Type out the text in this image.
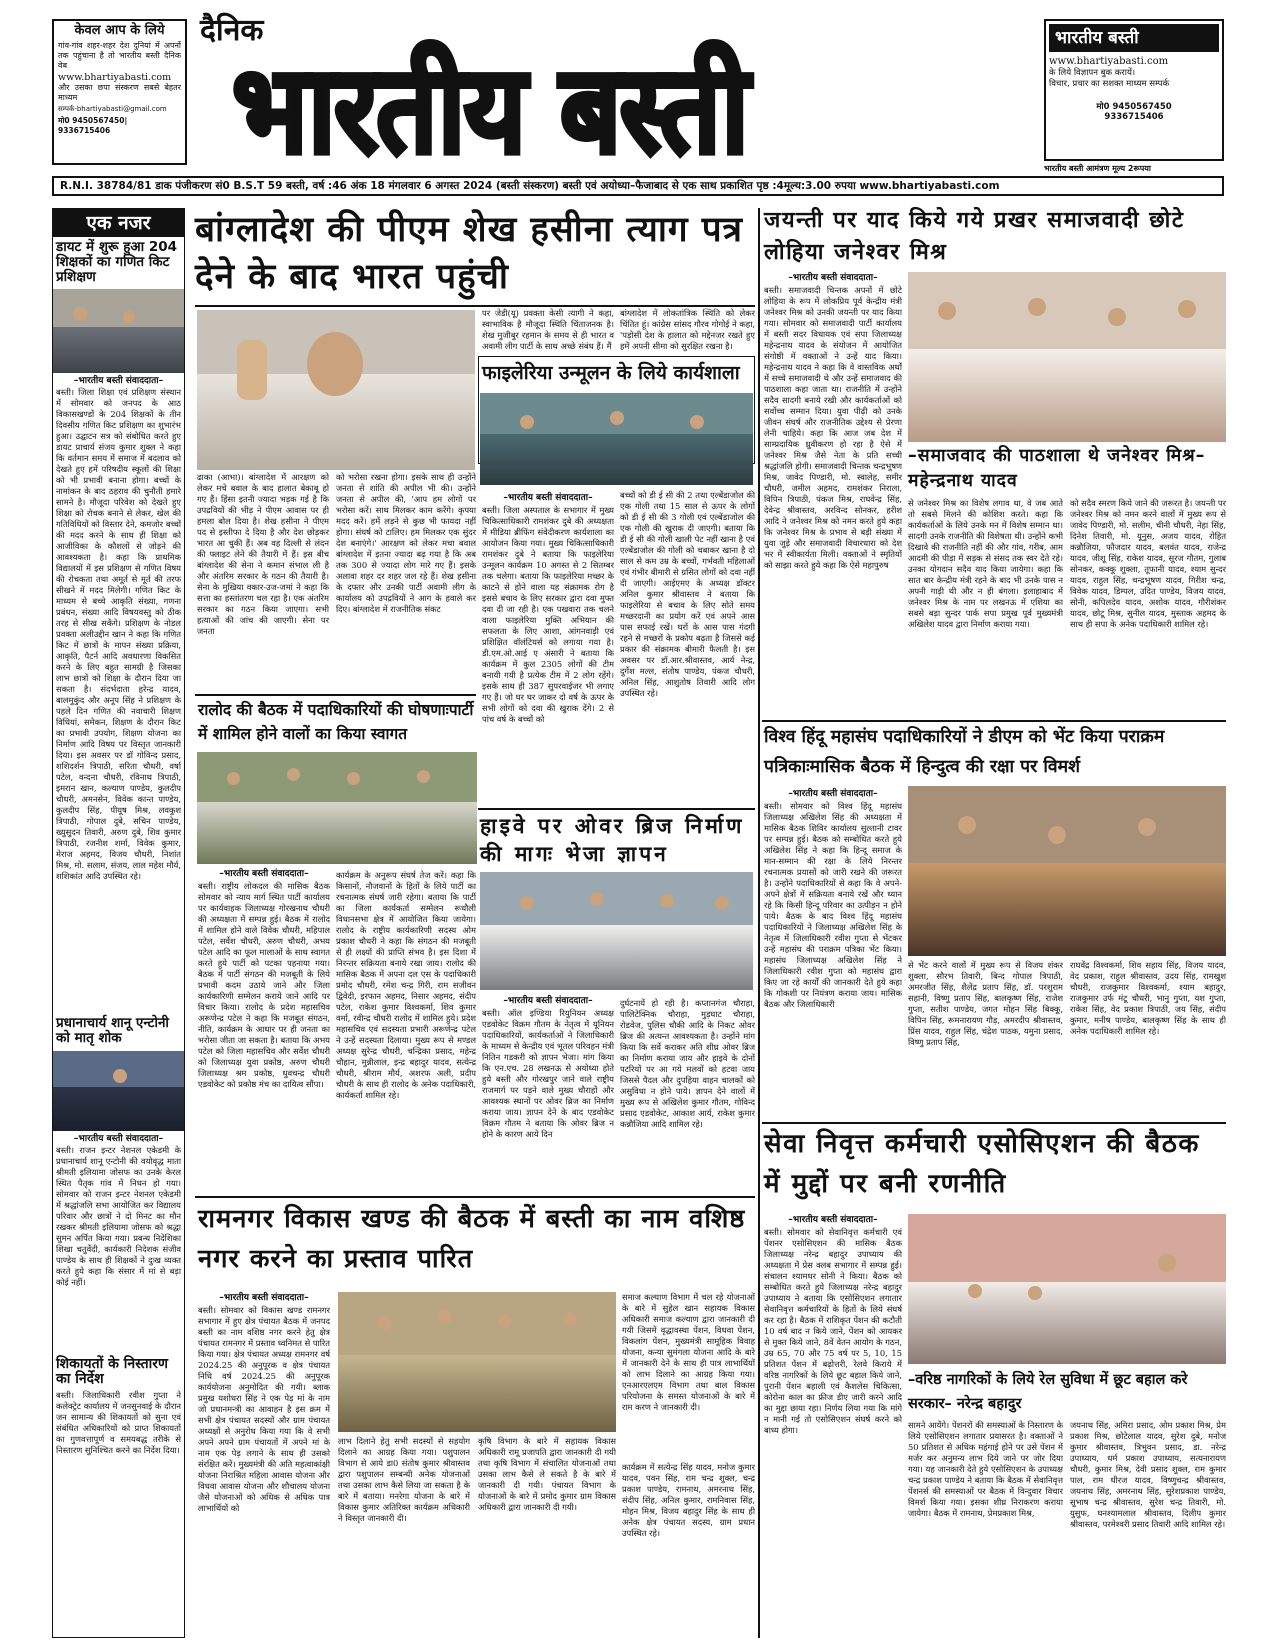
केवल आप के लिये
गांव-गांव शहर-शहर देश दुनियां में अपनों तक पहुंचाना है तो भारतीय बस्ती दैनिक वेब
www.bhartiyabasti.com
और उसका छपा संस्करण सबसे बेहतर माध्यम
सम्पर्क-bhartiyabasti@gmail.com
मो0 9450567450| 9336715406
दैनिक
भारतीय बस्ती
भारतीय बस्ती
www.bhartiyabasti.com
के लिये विज्ञापन बुक करायें।
विचार, प्रचार का सशक्त माध्यम सम्पर्क
मो0 9450567450
9336715406
भारतीय बस्ती आमंत्रण मूल्य 2रूपया
R.N.I. 38784/81 डाक पंजीकरण सं0 B.S.T 59 बस्ती, वर्ष :46 अंक 18 मंगलवार 6 अगस्त 2024 (बस्ती संस्करण) बस्ती एवं अयोध्या–फैजाबाद से एक साथ प्रकाशित पृष्ठ :4मूल्य:3.00 रुपया www.bhartiyabasti.com
एक नजर
डायट में शुरू हुआ 204 शिक्षकों का गणित किट प्रशिक्षण
–भारतीय बस्ती संवाददाता–
बस्ती। जिला शिक्षा एवं प्रशिक्षण संस्थान में सोमवार को जनपद के आठ विकासखण्डों के 204 शिक्षकों के तीन दिवसीय गणित किट प्रशिक्षण का शुभारंभ हुआ। उद्घाटन सत्र को संबोधित करते हुए डायट प्राचार्य संजय कुमार शुक्ल ने कहा कि वर्तमान समय में समाज में बदलाव को देखते हुए हमें परिषदीय स्कूलों की शिक्षा को भी प्रभावी बनाना होगा। बच्चों के नामांकन के बाद ठहराव की चुनौती हमारे सामने है। मौजूदा परिवेश को देखते हुए शिक्षा को रोचक बनाने से लेकर, खेल की गतिविधियों को विस्तार देने, कमजोर बच्चों की मदद करने के साथ ही शिक्षा को आजीविका के कौशलों से जोड़ने की आवश्यकता है। कहा कि प्राथमिक विद्यालयों में इस प्रशिक्षण से गणित विषय की रोचकता तथा अमूर्त से मूर्त की तरफ सीखने में मदद मिलेगी। गणित किट के माध्यम से बच्चे आकृति संख्या, गणना प्रबंधन, संख्या आदि विषयवस्तु को ठीक तरह से सीख सकेंगे। प्रशिक्षण के नोडल प्रवक्ता अलीउद्दीन खान ने कहा कि गणित किट में छात्रों के मापन संख्या प्रक्रिया, आकृति, पैटर्न आदि अवधारणा विकसित करने के लिए बहुत सामग्री है जिसका लाभ छात्रों को शिक्षा के दौरान दिया जा सकता है। संदर्भदाता हरेन्द्र यादव, बालमुकुंद और अनूप सिंह ने प्रशिक्षण के पहले दिन गणित की नवाचारी शिक्षण विधियां, समेकन, शिक्षण के दौरान किट का प्रभावी उपयोग, शिक्षण योजना का निर्माण आदि विषय पर विस्तृत जानकारी दिया। इस अवसर पर डॉ गोविन्द प्रसाद, शशिदर्शन त्रिपाठी, सरिता चौधरी, वर्षा पटेल, वन्दना चौधरी, रविनाथ त्रिपाठी, इमरान खान, कल्याण पाण्डेय, कुलदीप चौधरी, अमनसेन, विवेक कान्त पाण्डेय, कुलदीप सिंह, पीयूष मिश्र, लवकुश त्रिपाठी, गोपाल दुबे, सचिन पाण्डेय, ख्युसुदन तिवारी, अरुण दुबे, शिव कुमार त्रिपाठी, रजनीश शर्मा, विवेक कुमार, मेराज अहमद, विजय चौधरी, निशांत मिश्र, मो. सलाम, संजय, लाल महेश मौर्य, शशिकांत आदि उपस्थित रहे।
प्रधानाचार्य शानू एन्टोनी को मातृ शोक
–भारतीय बस्ती संवाददाता–
बस्ती। राजन इन्टर नेशनल एकेडमी के प्रधानाचार्य शानू एन्टोनी की वयोवृद्ध माता श्रीमती इलियामा जोसफ का उनके केरल स्थित पैतृक गांव में निधन हो गया। सोमवार को राजन इन्टर नेशनल एकेडमी में श्रद्धांजलि सभा आयोजित कर विद्यालय परिवार और छात्रों ने दो मिनट का मौन रखकर श्रीमती इलियामा जोसफ को श्रद्धा सुमन अर्पित किया गया। प्रबन्ध निदेशिका शिखा चतुर्वेदी, कार्यकारी निदेशक संजीव पाण्डेय के साथ ही शिक्षकों ने दुःख व्यक्त करते हुये कहा कि संसार में मां से बड़ा कोई नहीं।
शिकायतों के निस्तारण का निर्देश
बस्ती। जिलाधिकारी रवीश गुप्ता ने कलेक्ट्रेट कार्यालय में जनसुनवाई के दौरान जन सामान्य की शिकायतों को सुना एवं संबंधित अधिकारियों को प्राप्त शिकायतों का गुणवत्तापूर्ण व समयबद्ध तरीके से निस्तारण सुनिश्चित करने का निर्देश दिया।
बांग्लादेश की पीएम शेख हसीना त्याग पत्र देने के बाद भारत पहुंची
ढाका (आभा)। बांग्लादेश में आरक्षण को लेकर मचे बवाल के बाद हालात बेकाबू हो गए हैं। हिंसा इतनी ज्यादा भड़क गई है कि उपद्रवियों की भीड़ ने पीएम आवास पर ही हमला बोल दिया है। शेख हसीना ने पीएम पद से इस्तीफा दे दिया है और देश छोड़कर भारत आ चुकी हैं। अब वह दिल्ली से लंदन की फ्लाइट लेने की तैयारी में हैं। इस बीच बांग्लादेश की सेना ने कमान संभाल ली है और अंतरिम सरकार के गठन की तैयारी है। सेना के मुखिया वकार-उज-जमां ने कहा कि सत्ता का हस्तांतरण चल रहा है। एक अंतरिम सरकार का गठन किया जाएगा। सभी हत्याओं की जांच की जाएगी। सेना पर जनता
को भरोसा रखना होगा। इसके साथ ही उन्होंने जनता से शांति की अपील भी की। उन्होंने जनता से अपील की, 'आप हम लोगों पर भरोसा करें। साथ मिलकर काम करेंगे। कृपया मदद करें। हमें लड़ने से कुछ भी फायदा नहीं होगा। संघर्ष को टालिए। हम मिलकर एक सुंदर देश बनाएंगे।' आरक्षण को लेकर मचा बवाल बांग्लादेश में इतना ज्यादा बढ़ गया है कि अब तक 300 से ज्यादा लोग मारे गए हैं। इसके अलावा शहर दर शहर जल रहे हैं। शेख हसीना के दफ्तर और उनकी पार्टी अवामी लीग के कार्यालय को उपद्रवियों ने आग के हवाले कर दिए। बांग्लादेश में राजनीतिक संकट
पर जेडी(यू) प्रवक्ता केसी त्यागी ने कहा, स्वाभाविक है मौजूदा स्थिति चिंताजनक है। शेख मुजीबुर रहमान के समय से ही भारत व अवामी लीग पार्टी के साथ अच्छे संबंध हैं। मैं
बांग्लादेश में लोकतांत्रिक स्थिति को लेकर चिंतित हूं। कांग्रेस सांसद गौरव गोगोई ने कहा, 'पड़ोसी देश के हालात को मद्देनजर रखते हुए हमें अपनी सीमा को सुरक्षित रखना है।
फाइलेरिया उन्मूलन के लिये कार्यशाला
–भारतीय बस्ती संवाददाता–
बस्ती। जिला अस्पताल के सभागार में मुख्य चिकित्साधिकारी रामशंकर दुबे की अध्यक्षता में मीडिया ब्रीफिंग संवेदीकरण कार्यशाला का आयोजन किया गया। मुख्य चिकित्साधिकारी रामशंकर दुबे ने बताया कि फाइलेरिया उन्मूलन कार्यक्रम 10 अगस्त से 2 सितम्बर तक चलेगा। बताया कि फाइलेरिया मच्छर के काटने से होने वाला यह संक्रामक रोग है इससे बचाव के लिए सरकार द्वारा दवा मुफ्त दवा दी जा रही है। एक पखवारा तक चलने वाला फाइलेरिया मुक्ति अभियान की सफलता के लिए आशा, आंगनवाड़ी एवं प्रशिक्षित वॉलंटियर्स को लगाया गया है। डी.एम.ओ.आई ए अंसारी ने बताया कि कार्यक्रम में कुल 2305 लोगों की टीम बनायी गयी है प्रत्येक टीम में 2 लोग रहेंगे। इसके साथ ही 387 सुपरवाईजर भी लगाए गए हैं। जो घर घर जाकर दो वर्ष के ऊपर के सभी लोगों को दवा की खुराक देंगे। 2 से पांच वर्ष के बच्चों को
बच्चों को डी ई सी की 2 तथा एल्बेंडाजोल की एक गोली तथा 15 साल से ऊपर के लोगों को डी ई सी की 3 गोली एवं एल्बेंडाजोल की एक गोली की खुराक दी जाएगी। बताया कि डी ई सी की गोली खाली पेट नहीं खाना है एवं एल्बेंडाजोल की गोली को चबाकर खाना है दो साल से कम उम्र के बच्चों, गर्भवती महिलाओं एवं गंभीर बीमारी से ग्रसित लोगों को दवा नहीं दी जाएगी। आईएमए के अध्यक्ष डॉक्टर अनिल कुमार श्रीवास्तव ने बताया कि फाइलेरिया से बचाव के लिए सोते समय मच्छरदानी का प्रयोग करें एवं अपने आस पास सफाई रखें। घरों के आस पास गंदगी रहने से मच्छरों के प्रकोप बढ़ता है जिससे कई प्रकार की संक्रामक बीमारी फैलती है। इस अवसर पर डॉ.आर.श्रीवास्तव, आर्य नेन्द्र, दुर्गेश मल्ल, संतोष पाण्डेय, पंकज चौधरी, अनिल सिंह, आशुतोष तिवारी आदि लोग उपस्थित रहे।
रालोद की बैठक में पदाधिकारियों की घोषणाःपार्टी में शामिल होने वालों का किया स्वागत
–भारतीय बस्ती संवाददाता–
बस्ती। राष्ट्रीय लोकदल की मासिक बैठक सोमवार को न्याय मार्ग स्थित पार्टी कार्यालय पर कार्यवाहक जिलाध्यक्ष गोरखनाथ चौधरी की अध्यक्षता में सम्पन्न हुई। बैठक में रालोद में शामिल होने वाले विवेक चौधरी, महिपाल पटेल, सर्वेश चौधरी, अरुण चौधरी, अभय पटेल आदि का फूल मालाओं के साथ स्वागत करते हुये पार्टी को पटका पहनाया गया। बैठक में पार्टी संगठन की मजबूती के लिये प्रभावी कदम उठाये जाने और जिला कार्यकारिणी सम्मेलन कराये जाने आदि पर विचार किया। रालोद के प्रदेश महासचिव अरूणेन्द्र पटेल ने कहा कि मजबूत संगठन, नीति, कार्यक्रम के आधार पर ही जनता का भरोसा जीता जा सकता है। बताया कि अभय पटेल को जिला महासचिव और सर्वेश चौधरी को जिलाध्यक्ष युवा प्रकोष्ठ, अरुण चौधरी जिलाध्यक्ष श्रम प्रकोष्ठ, धुवचन्द्र चौधरी एडवोकेट को प्रकोष्ठ मंच का दायित्व सौंपा।
कार्यक्रम के अनुरूप संघर्ष तेज करें। कहा कि किसानों, नौजवानों के हितों के लिये पार्टी का रचनात्मक संघर्ष जारी रहेगा। बताया कि पार्टी का जिला कार्यकर्ता सम्मेलन रूधौली विधानसभा क्षेत्र में आयोजित किया जायेगा। रालोद के राष्ट्रीय कार्यकारिणी सदस्य ओम प्रकाश चौधरी ने कहा कि संगठन की मजबूती से ही लक्ष्यों की प्राप्ति संभव है। इस दिशा में निरन्तर सक्रियता बनाये रखा जाय। रालोद की मासिक बैठक में अपना दल एस के पदाधिकारी प्रमोद चौधरी, रमेश चन्द्र गिरी, राम सजीवन द्विवेदी, इरफान अहमद, निसार अहमद, संदीप पटेल, राकेश कुमार विश्वकर्मा, शिव कुमार वर्मा, रवीन्द्र चौधरी रालोद में शामिल हुये। प्रदेश महासचिव एवं सदस्यता प्रभारी अरूणेन्द्र पटेल ने उन्हें सदस्यता दिलाया। मुख्य रूप से मण्डल अध्यक्ष सुरेन्द्र चौधरी, चन्द्रिका प्रसाद, महेन्द्र चौहान, मुन्नीलाल, इन्द्र बहादुर यादव, सत्येन्द्र चौधरी, श्रीराम मौर्य, अशरफ अली, प्रदीप चौधरी के साथ ही रालोद के अनेक पदाधिकारी, कार्यकर्ता शामिल रहे।
हाइवे पर ओवर ब्रिज निर्माण की मागः भेजा ज्ञापन
–भारतीय बस्ती संवाददाता–
बस्ती। ऑल इण्डिया रियुनियन अध्यक्ष एडवोकेट विक्रम गौतम के नेतृत्व में यूनियन पदाधिकारियों, कार्यकर्ताओं ने जिलाधिकारी के माध्यम से केन्द्रीय एवं भूतल परिवहन मंत्री नितिन गडकरी को ज्ञापन भेजा। मांग किया कि एन.एच. 28 लखनऊ से अयोध्या होते हुये बस्ती और गोरखपुर जाने वाले राष्ट्रीय राजमार्ग पर पड़ने वाले मुख्य चौराहों और आवश्यक स्थानों पर ओवर ब्रिज का निर्माण कराया जाय। ज्ञापन देने के बाद एडवोकेट विक्रम गौतम ने बताया कि ओवर ब्रिज न होने के कारण आये दिन
दुर्घटनायें हो रही है। कप्तानगंज चौराहा, पालिटेक्निक चौराहा, मुड़घाट चौराहा, रोडवेज, पुलिस चौकी आदि के निकट ओवर ब्रिज की अत्यन्त आवश्यकता है। उन्होंने मांग किया कि सर्वे कराकर अति शीघ्र ओवर ब्रिज का निर्माण कराया जाय और हाइवे के दोनों पटरियों पर आ गये मलवों को हटवा जाय जिससे पैदल और दुपहिया वाहन चालकों को असुविधा न होने पाये। ज्ञापन देने वालों में मुख्य रूप से अखिलेश कुमार गौतम, गोविन्द प्रसाद एडवोकेट, आकाश आर्य, राकेश कुमार कन्नौजिया आदि शामिल रहे।
रामनगर विकास खण्ड की बैठक में बस्ती का नाम वशिष्ठ नगर करने का प्रस्ताव पारित
–भारतीय बस्ती संवाददाता–
बस्ती। सोमवार को विकास खण्ड रामनगर सभागार में हुए क्षेत्र पंचायत बैठक में जनपद बस्ती का नाम वशिष्ठ नगर करने हेतु क्षेत्र पंचायत रामनगर में प्रस्ताव ध्वनिमत से पारित किया गया। क्षेत्र पंचायत अध्यक्ष रामनगर वर्ष 2024.25 की अनुपूरक व क्षेत्र पंचायत निधि वर्ष 2024.25 की अनुपूरक कार्ययोजना अनुमोदित की गयी। ब्लाक प्रमुख यशोधरा सिंह ने एक पेड़ मां के नाम जो प्रधानमन्त्री का आवाहन है इस क्रम में सभी क्षेत्र पंचायत सदस्यों और ग्राम पंचायत अध्यक्षों से अनुरोध किया गया कि वे सभी अपने अपने ग्राम पंचायतों में अपने मां के नाम एक पेड़ लगाने के साथ ही उसको संरक्षित करें। मुख्यमंत्री की अति महत्वाकांक्षी योजना निराश्रित महिला आवास योजना और विधवा आवास योजना और शौचालय योजना जैसे योजनाओं को अधिक से अधिक पात्र लाभार्थियों को
लाभ दिलाने हेतु सभी सदस्यों से सहयोग दिलाने का आग्रह किया गया। पशुपालन विभाग से आये डा0 संतोष कुमार श्रीवास्तव द्वारा पशुपालन सम्बन्धी अनेक योजनाओं तथा उसका लाभ कैसे लिया जा सकता है के बारे में बताया। मनरेगा योजना के बारे में विकास कुमार अतिरिक्त कार्यक्रम अधिकारी ने विस्तृत जानकारी दी।
कृषि विभाग के बारे में सहायक विकास अधिकारी रामू प्रजापति द्वारा जानकारी दी गयी तथा कृषि विभाग में संचालित योजनाओं तथा उसका लाभ कैसे ले सकते है के बारे में जानकारी दी गयी। पंचायत विभाग के योजनाओं के बारे में प्रमोद कुमार ग्राम विकास अधिकारी द्वारा जानकारी दी गयी।
समाज कल्याण विभाग में चल रहे योजनाओं के बारे में सुहेल खान सहायक विकास अधिकारी समाज कल्याण द्वारा जानकारी दी गयी जिसमें वृद्धावस्था पेंशन, विधवा पेंशन, विकलांग पेंशन, मुख्यमंत्री सामूहिक विवाह योजना, कन्या सुमंगला योजना आदि के बारे में जानकारी देने के साथ ही पात्र लाभार्थियों को लाभ दिलाने का आग्रह किया गया। एनआरएलएम विभाग तथा बाल विकास परियोजना के समस्त योजनाओं के बारे में राम करण ने जानकारी दी।
कार्यक्रम में सत्येन्द्र सिंह यादव, मनोज कुमार यादव, पवन सिंह, राम चन्द्र शुक्ल, चन्द्र प्रकाश पाण्डेय, रामनाथ, अमरनाथ सिंह, संदीप सिंह, अनिल कुमार, रामनिवास सिंह, मोहन मिश्र, विजय बहादुर सिंह के साथ ही अनेक क्षेत्र पंचायत सदस्य, ग्राम प्रधान उपस्थित रहे।
जयन्ती पर याद किये गये प्रखर समाजवादी छोटे लोहिया जनेश्वर मिश्र
–भारतीय बस्ती संवाददाता–
बस्ती। समाजवादी चिन्तक अपनों में छोटे लोहिया के रूप में लोकप्रिय पूर्व केन्द्रीय मंत्री जनेश्वर मिश्र को उनकी जयन्ती पर याद किया गया। सोमवार को समाजवादी पार्टी कार्यालय में बस्ती सदर विधायक एवं सपा जिलाध्यक्ष महेन्द्रनाथ यादव के संयोजन में आयोजित संगोष्ठी में वक्ताओं ने उन्हें याद किया। महेन्द्रनाथ यादव ने कहा कि वे वास्तविक अर्थों में सच्चे समाजवादी थे और उन्हें समाजवाद की पाठशाला कहा जाता था। राजनीति में उन्होंने सदैव सादगी बनाये रखी और कार्यकर्ताओं को सर्वोच्च सम्मान दिया। युवा पीढ़ी को उनके जीवन संघर्ष और राजनीतिक उद्देश्य से प्रेरणा लेनी चाहिये। कहा कि आज जब देश में साम्प्रदायिक ध्रुवीकरण हो रहा है ऐसे में जनेश्वर मिश्र जैसे नेता के प्रति सच्ची श्रद्धांजलि होगी। समाजवादी चिन्तक चन्द्रभूषण मिश्र, जावेद पिण्डारी, मो. स्वालेह, समीर चौधरी, जमील अहमद, रामशंकर निराला, विपिन त्रिपाठी, पंकज मिश्र, राघवेन्द्र सिंह, देवेन्द्र श्रीवास्तव, अरविन्द सोनकर, हरीश आदि ने जनेश्वर मिश्र को नमन करते हुये कहा कि जनेश्वर मिश्र के प्रभाव से बड़ी संख्या में युवा जुड़े और समाजवादी विचारधारा को देश भर में स्वीकार्यता मिली। वक्ताओं ने स्मृतियों को साझा करते हुये कहा कि ऐसे महापुरुष
–समाजवाद की पाठशाला थे जनेश्वर मिश्र– महेन्द्रनाथ यादव
से जनेश्वर मिश्र का विशेष लगाव था, वे जब आते तो सबसे मिलने की कोशिश करते। कहा कि कार्यकर्ताओं के लिये उनके मन में विशेष सम्मान था। सादगी उनके राजनीति की विशेषता थी। उन्होंने कभी दिखावे की राजनीति नहीं की और गांव, गरीब, आम आदमी की पीड़ा में सड़क से संसद तक स्वर देते रहे। उनका योगदान सदैव याद किया जायेगा। कहा कि सात बार केन्द्रीय मंत्री रहने के बाद भी उनके पास न अपनी गाड़ी थी और न ही बंगला। इलाहाबाद में जनेश्वर मिश्र के नाम पर लखनऊ में एशिया का सबसे बड़ा सुन्दर पार्क सपा प्रमुख पूर्व मुख्यमंत्री अखिलेश यादव द्वारा निर्माण कराया गया।
को सदैव स्मरण किये जाने की जरूरत है। जयन्ती पर जनेश्वर मिश्र को नमन करने वालों में मुख्य रूप से जावेद पिण्डारी, मो. सलीम, चीनी चौधरी, नेहा सिंह, दिनेश तिवारी, मो. यूनुस, अजय यादव, रोहित कन्नौजिया, फौजदार यादव, बलवंत यादव, राजेन्द्र यादव, जीशू सिंह, राकेश यादव, सूरज गौतम, गुलाब सोनकर, कक्कू शुक्ला, तूफानी यादव, श्याम सुन्दर यादव, राहुल सिंह, चन्द्रभूषण यादव, गिरीश चन्द्र, विवेक यादव, डिम्पल, उदित पाण्डेय, विजय यादव, सोनी, कपिलदेव यादव, अशोक यादव, गौरीशंकर यादव, छोटू मिश्र, सुनील यादव, मुस्ताक अहमद के साथ ही सपा के अनेक पदाधिकारी शामिल रहे।
विश्व हिंदू महासंघ पदाधिकारियों ने डीएम को भेंट किया पराक्रम पत्रिकाःमासिक बैठक में हिन्दुत्व की रक्षा पर विमर्श
–भारतीय बस्ती संवाददाता–
बस्ती। सोमवार को विश्व हिंदू महासंघ जिलाध्यक्ष अखिलेश सिंह की अध्यक्षता में मासिक बैठक शिविर कार्यालय सुल्तानी टावर पर सम्पन्न हुई। बैठक को सम्बोधित करते हुये अखिलेश सिंह ने कहा कि हिन्दू समाज के मान-सम्मान की रक्षा के लिये निरन्तर रचनात्मक प्रयासों को जारी रखने की जरूरत है। उन्होंने पदाधिकारियों से कहा कि वे अपने-अपने क्षेत्रों में सक्रियता बनाये रखें और ध्यान रहे कि किसी हिन्दू परिवार का उत्पीड़न न होने पाये। बैठक के बाद विश्व हिंदू महासंघ पदाधिकारियों ने जिलाध्यक्ष अखिलेश सिंह के नेतृत्व में जिलाधिकारी रवीश गुप्ता से भेंटकर उन्हें महासंघ की पराक्रम पत्रिका भेंट किया। महासंघ जिलाध्यक्ष अखिलेश सिंह ने जिलाधिकारी रवीश गुप्ता को महासंघ द्वारा किए जा रहे कार्यों की जानकारी देते हुये कहा कि गोकशी पर नियंत्रण कराया जाय। मासिक बैठक और जिलाधिकारी
से भेंट करने वालों में मुख्य रूप से विजय शंकर शुक्ला, सौरभ तिवारी, बिन्द गोपाल त्रिपाठी, अमरजीत सिंह, शैलेंद्र प्रताप सिंह, डॉ. परशुराम सहानी, विष्णु प्रताप सिंह, बालकृष्ण सिंह, राजेश गुप्ता, सतीश पाण्डेय, जगत मोहन सिंह बिक्कू, विपिन सिंह, रूमनारायण गौड़, अमरदीप श्रीवास्तव, प्रिंस यादव, राहुल सिंह, चंद्रेश पाठक, यमुना प्रसाद, विष्णु प्रताप सिंह,
राघवेंद्र विश्वकर्मा, शिव सहाय सिंह, विजय यादव, वेद प्रकाश, राहुल श्रीवास्तव, उदय सिंह, रामखुश चौधरी, राजकुमार विश्वकर्मा, श्याम बहादुर, राजकुमार उर्फ मंटू चौधरी, भानु गुप्ता, यश गुप्ता, राकेश सिंह, वेद प्रकाश त्रिपाठी, जय सिंह, संदीप कुमार, मनीष पाण्डेय, बालकृष्ण सिंह के साथ ही अनेक पदाधिकारी शामिल रहे।
सेवा निवृत्त कर्मचारी एसोसिएशन की बैठक में मुद्दों पर बनी रणनीति
–भारतीय बस्ती संवाददाता–
बस्ती। सोमवार को सेवानिवृत्त कर्मचारी एवं पेंशनर एसोसिएशन की मासिक बैठक जिलाध्यक्ष नरेन्द्र बहादुर उपाध्याय की अध्यक्षता में प्रेस क्लब सभागार में सम्पन्न हुई। संचालन श्यामधर सोनी ने किया। बैठक को सम्बोधित करते हुये जिलाध्यक्ष नरेन्द्र बहादुर उपाध्याय ने बताया कि एसोसिएशन लगातार सेवानिवृत्त कर्मचारियों के हितों के लिये संघर्ष कर रहा है। बैठक में राशिकृत पेंशन की कटौती 10 वर्ष बाद न किये जाने, पेंशन को आयकर से मुक्त किये जाने, 8वें वेतन आयोग के गठन, उम्र 65, 70 और 75 वर्ष पर 5, 10, 15 प्रतिशत पेंशन में बढ़ोत्तरी, रेलवे किराये में वरिष्ठ नागरिकों के लिये छूट बहाल किये जाने, पुरानी पेंशन बहाली एवं कैशलेस चिकित्सा, कोरोना काल का फ्रीज डीए जारी करने आदि का मुद्दा छाया रहा। निर्णय लिया गया कि मांगे न मानी गई तो एसोसिएशन संघर्ष करने को बाध्य होगा।
–वरिष्ठ नागरिकों के लिये रेल सुविधा में छूट बहाल करे सरकार– नरेन्द्र बहादुर
सामने आयेंगे। पेंशनरों की समस्याओं के निस्तारण के लिये एसोसिएशन लगातार प्रयासरत है। वक्ताओं ने 50 प्रतिशत से अधिक महंगाई होने पर उसे पेंशन में मर्जर कर अनुमन्य लाभ दिये जाने पर जोर दिया गया। यह जानकारी देते हुये एसोसिएशन के उपाध्यक्ष चन्द्र प्रकाश पाण्डेय ने बताया कि बैठक में सेवानिवृत्त पेंशनर्स की समस्याओं पर बैठक में विन्दुवार विचार विमर्श किया गया। इसका शीघ्र निराकरण कराया जायेगा। बैठक में रामनाथ, प्रेमप्रकाश मिश्र,
जयनाथ सिंह, अमिरा प्रसाद, ओम प्रकाश मिश्र, प्रेम प्रकाश मिश्र, छोटेलाल यादव, सुरेश दुबे, मनोज कुमार श्रीवास्तव, त्रिभुवन प्रसाद, डा. नरेन्द्र उपाध्याय, धर्म प्रकाश उपाध्याय, सत्यनारायण चौधरी, कुमार मिश्र, देवी प्रसाद शुक्ल, राम कुमार पाल, राम धीरज यादव, विष्णुचन्द्र श्रीवास्तव, जयनाथ सिंह, अमरनाथ सिंह, सुरेशप्रकाश पाण्डेय, सुभाष चन्द्र श्रीवास्तव, सुरेश चन्द्र तिवारी, मो. युसुफ, घनश्यामलाल श्रीवास्तव, दिलीप कुमार श्रीवास्तव, परमेश्वरी प्रसाद तिवारी आदि शामिल रहे।
